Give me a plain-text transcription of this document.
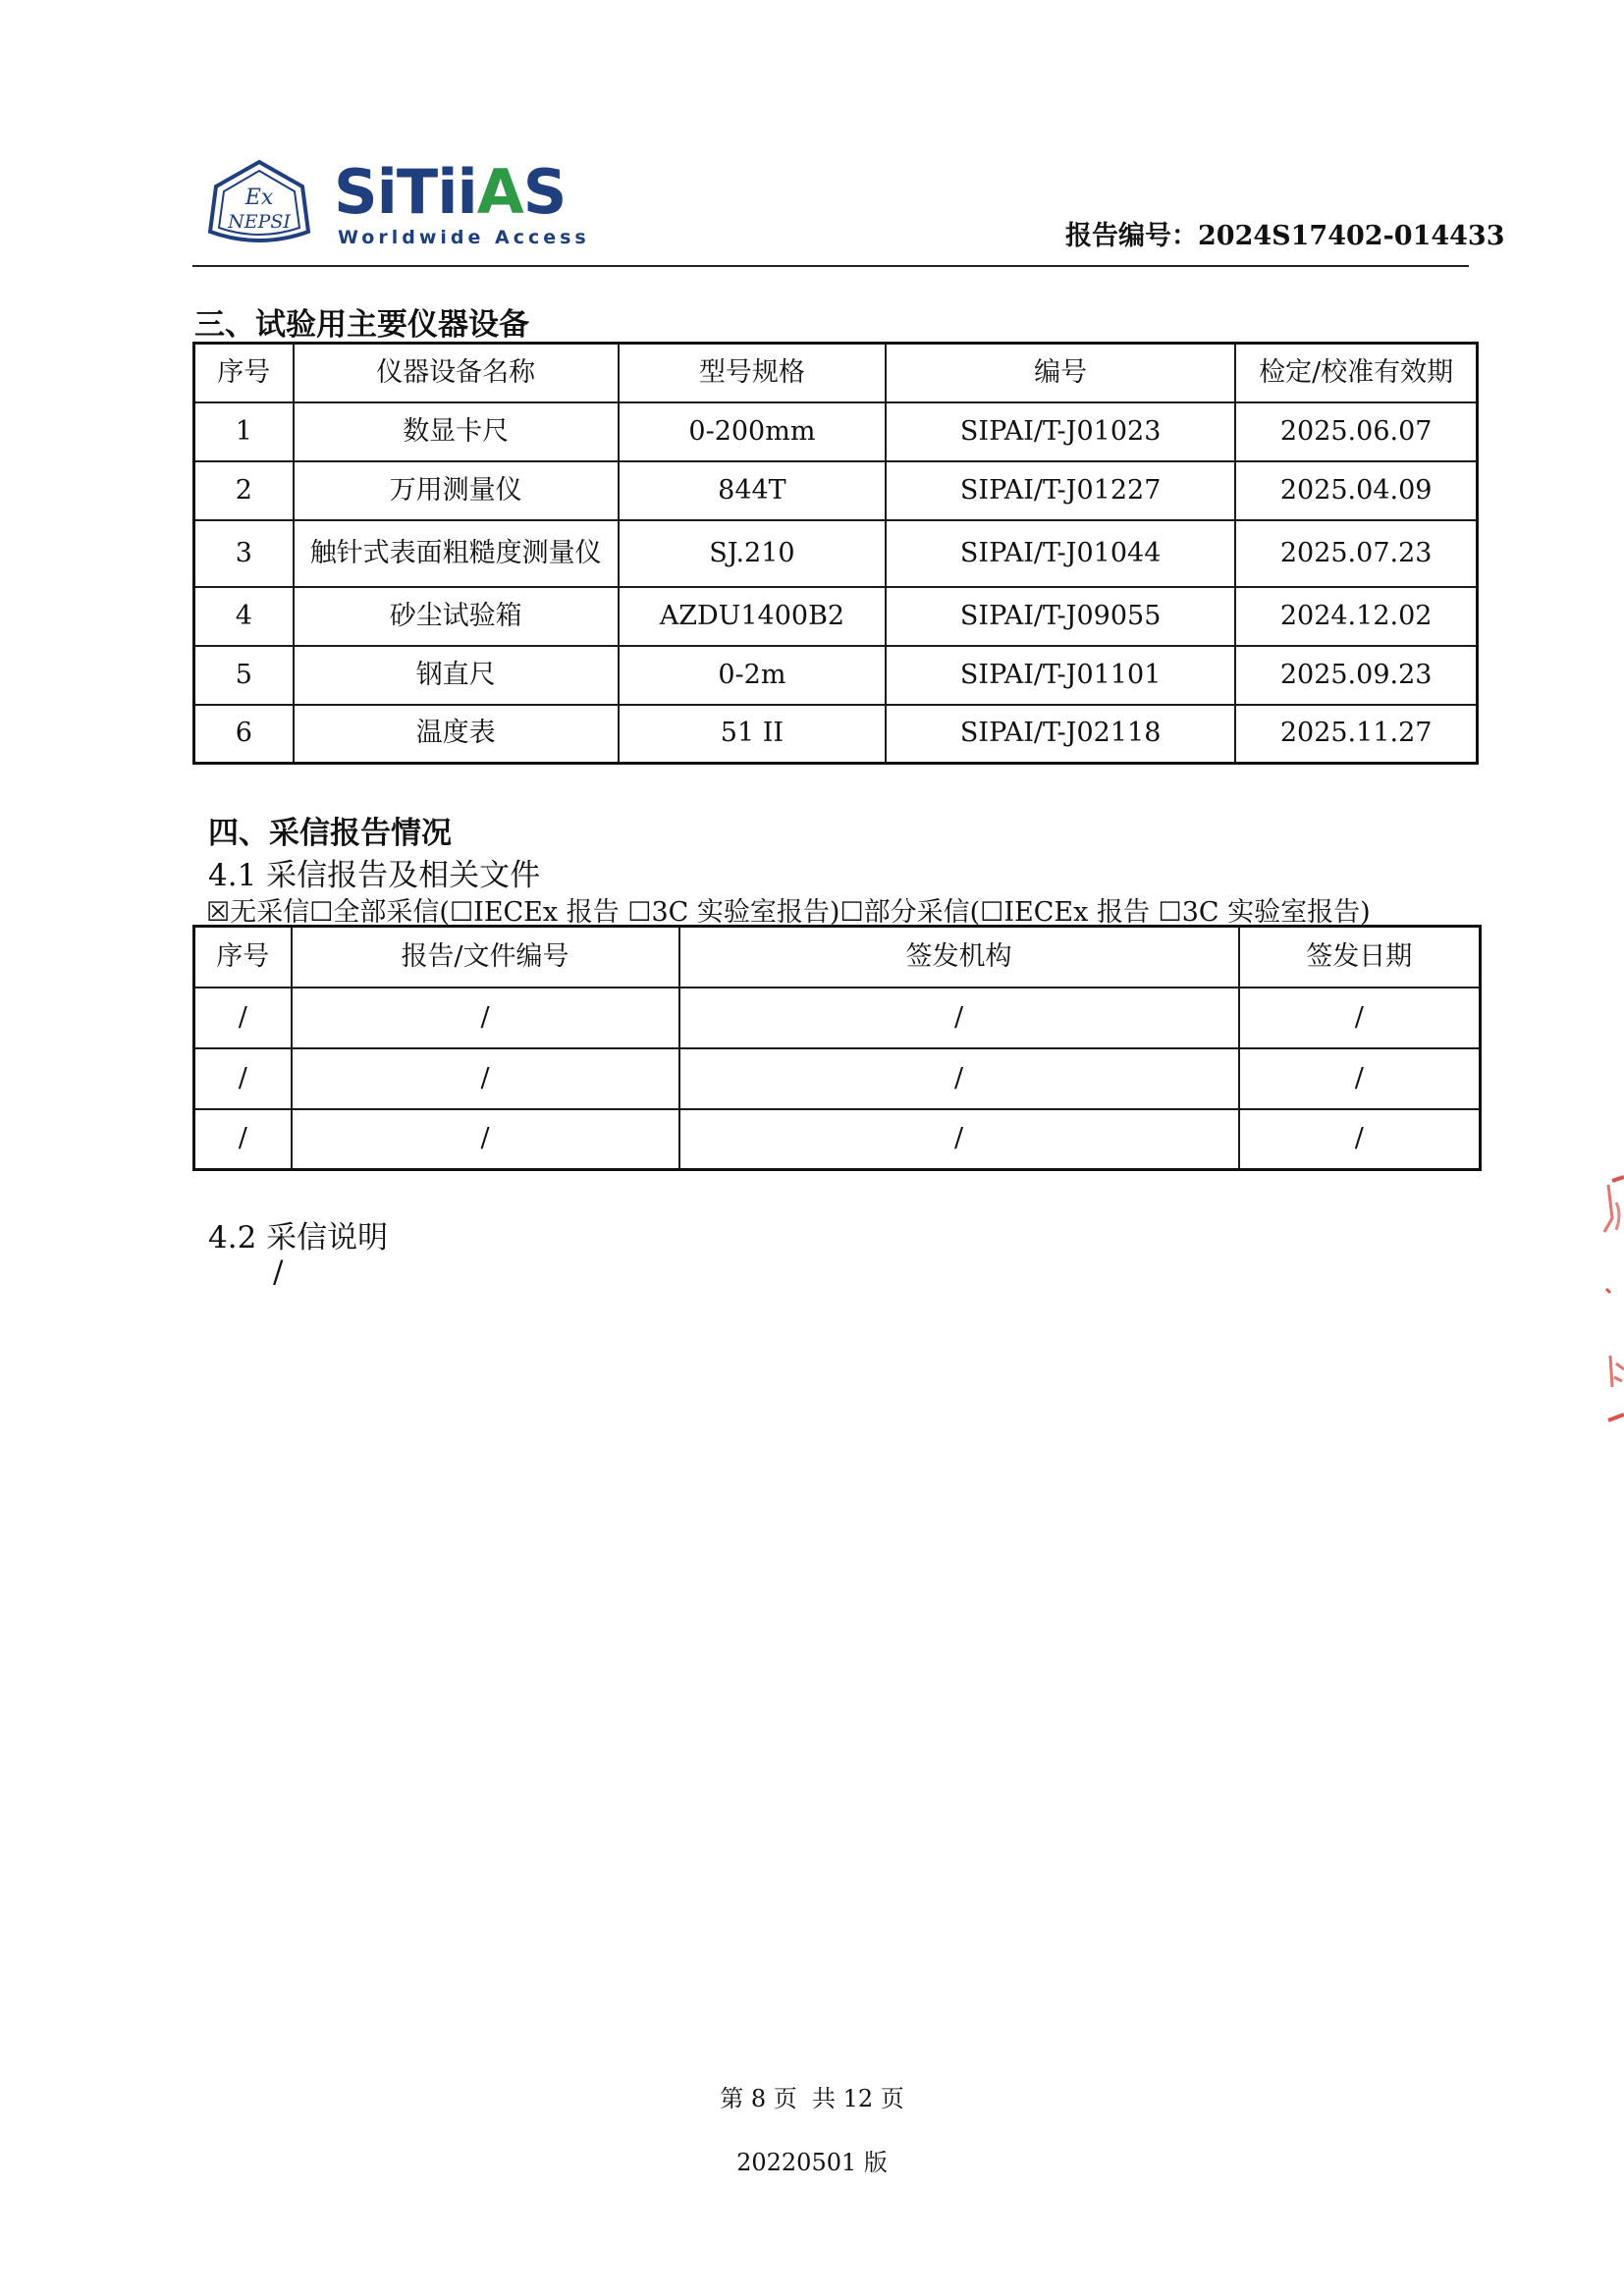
Ex
NEPSI SiTiiAS
Worldwide Access	报告编号：2024S17402-014433
三、试验用主要仪器设备
序号	仪器设备名称	型号规格	编号	检定/校准有效期
1	数显卡尺	0-200mm	SIPAI/T-J01023	2025.06.07
2	万用测量仪	844T	SIPAI/T-J01227	2025.04.09
3	触针式表面粗糙度测量仪	SJ.210	SIPAI/T-J01044	2025.07.23
4	砂尘试验箱	AZDU1400B2	SIPAI/T-J09055	2024.12.02
5	钢直尺	0-2m	SIPAI/T-J01101	2025.09.23
6	温度表	51 II	SIPAI/T-J02118	2025.11.27
四、采信报告情况
4.1 采信报告及相关文件
☒无采信☐全部采信(☐IECEx 报告 ☐3C 实验室报告)☐部分采信(☐IECEx 报告 ☐3C 实验室报告)
序号	报告/文件编号	签发机构	签发日期
/	/	/	/
/	/	/	/
/	/	/	/
4.2 采信说明
/
第 8 页  共 12 页
20220501 版
